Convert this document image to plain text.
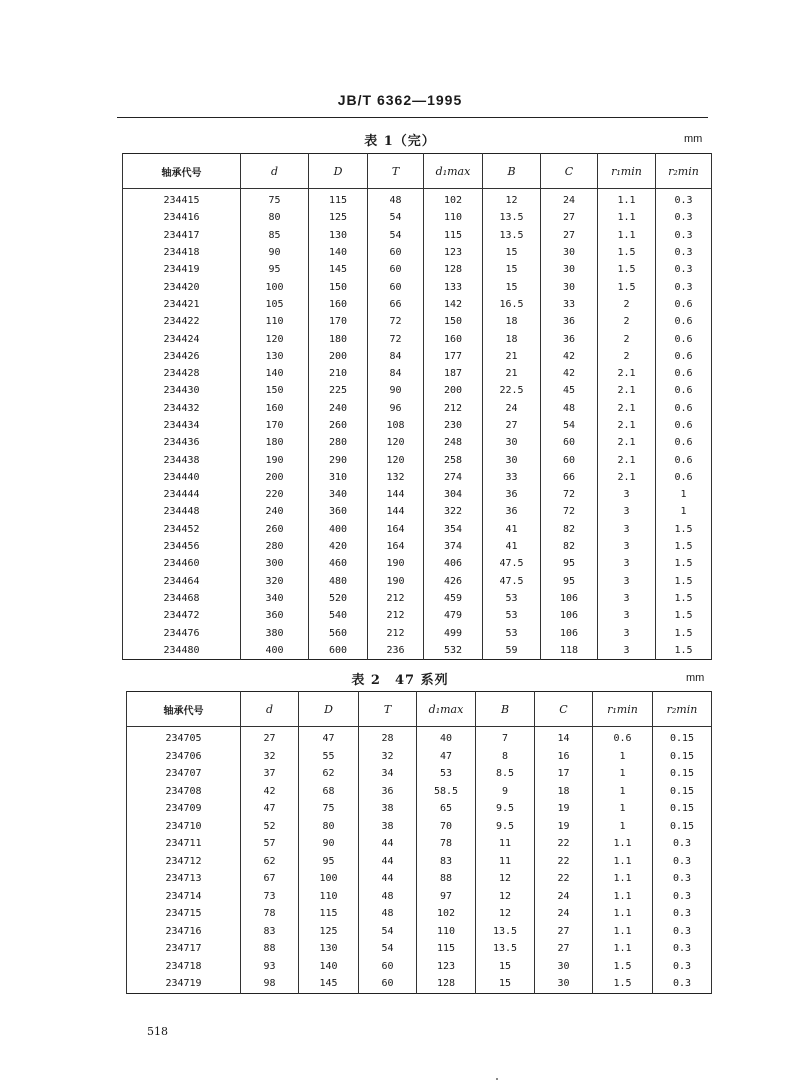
JB/T 6362—1995
表 1（完）	mm
轴承代号	d	D	T	d₁max	B	C	r₁min	r₂min
234415	75	115	48	102	12	24	1.1	0.3
234416	80	125	54	110	13.5	27	1.1	0.3
234417	85	130	54	115	13.5	27	1.1	0.3
234418	90	140	60	123	15	30	1.5	0.3
234419	95	145	60	128	15	30	1.5	0.3
234420	100	150	60	133	15	30	1.5	0.3
234421	105	160	66	142	16.5	33	2	0.6
234422	110	170	72	150	18	36	2	0.6
234424	120	180	72	160	18	36	2	0.6
234426	130	200	84	177	21	42	2	0.6
234428	140	210	84	187	21	42	2.1	0.6
234430	150	225	90	200	22.5	45	2.1	0.6
234432	160	240	96	212	24	48	2.1	0.6
234434	170	260	108	230	27	54	2.1	0.6
234436	180	280	120	248	30	60	2.1	0.6
234438	190	290	120	258	30	60	2.1	0.6
234440	200	310	132	274	33	66	2.1	0.6
234444	220	340	144	304	36	72	3	1
234448	240	360	144	322	36	72	3	1
234452	260	400	164	354	41	82	3	1.5
234456	280	420	164	374	41	82	3	1.5
234460	300	460	190	406	47.5	95	3	1.5
234464	320	480	190	426	47.5	95	3	1.5
234468	340	520	212	459	53	106	3	1.5
234472	360	540	212	479	53	106	3	1.5
234476	380	560	212	499	53	106	3	1.5
234480	400	600	236	532	59	118	3	1.5
表 2　47 系列	mm
轴承代号	d	D	T	d₁max	B	C	r₁min	r₂min
234705	27	47	28	40	7	14	0.6	0.15
234706	32	55	32	47	8	16	1	0.15
234707	37	62	34	53	8.5	17	1	0.15
234708	42	68	36	58.5	9	18	1	0.15
234709	47	75	38	65	9.5	19	1	0.15
234710	52	80	38	70	9.5	19	1	0.15
234711	57	90	44	78	11	22	1.1	0.3
234712	62	95	44	83	11	22	1.1	0.3
234713	67	100	44	88	12	22	1.1	0.3
234714	73	110	48	97	12	24	1.1	0.3
234715	78	115	48	102	12	24	1.1	0.3
234716	83	125	54	110	13.5	27	1.1	0.3
234717	88	130	54	115	13.5	27	1.1	0.3
234718	93	140	60	123	15	30	1.5	0.3
234719	98	145	60	128	15	30	1.5	0.3
518
